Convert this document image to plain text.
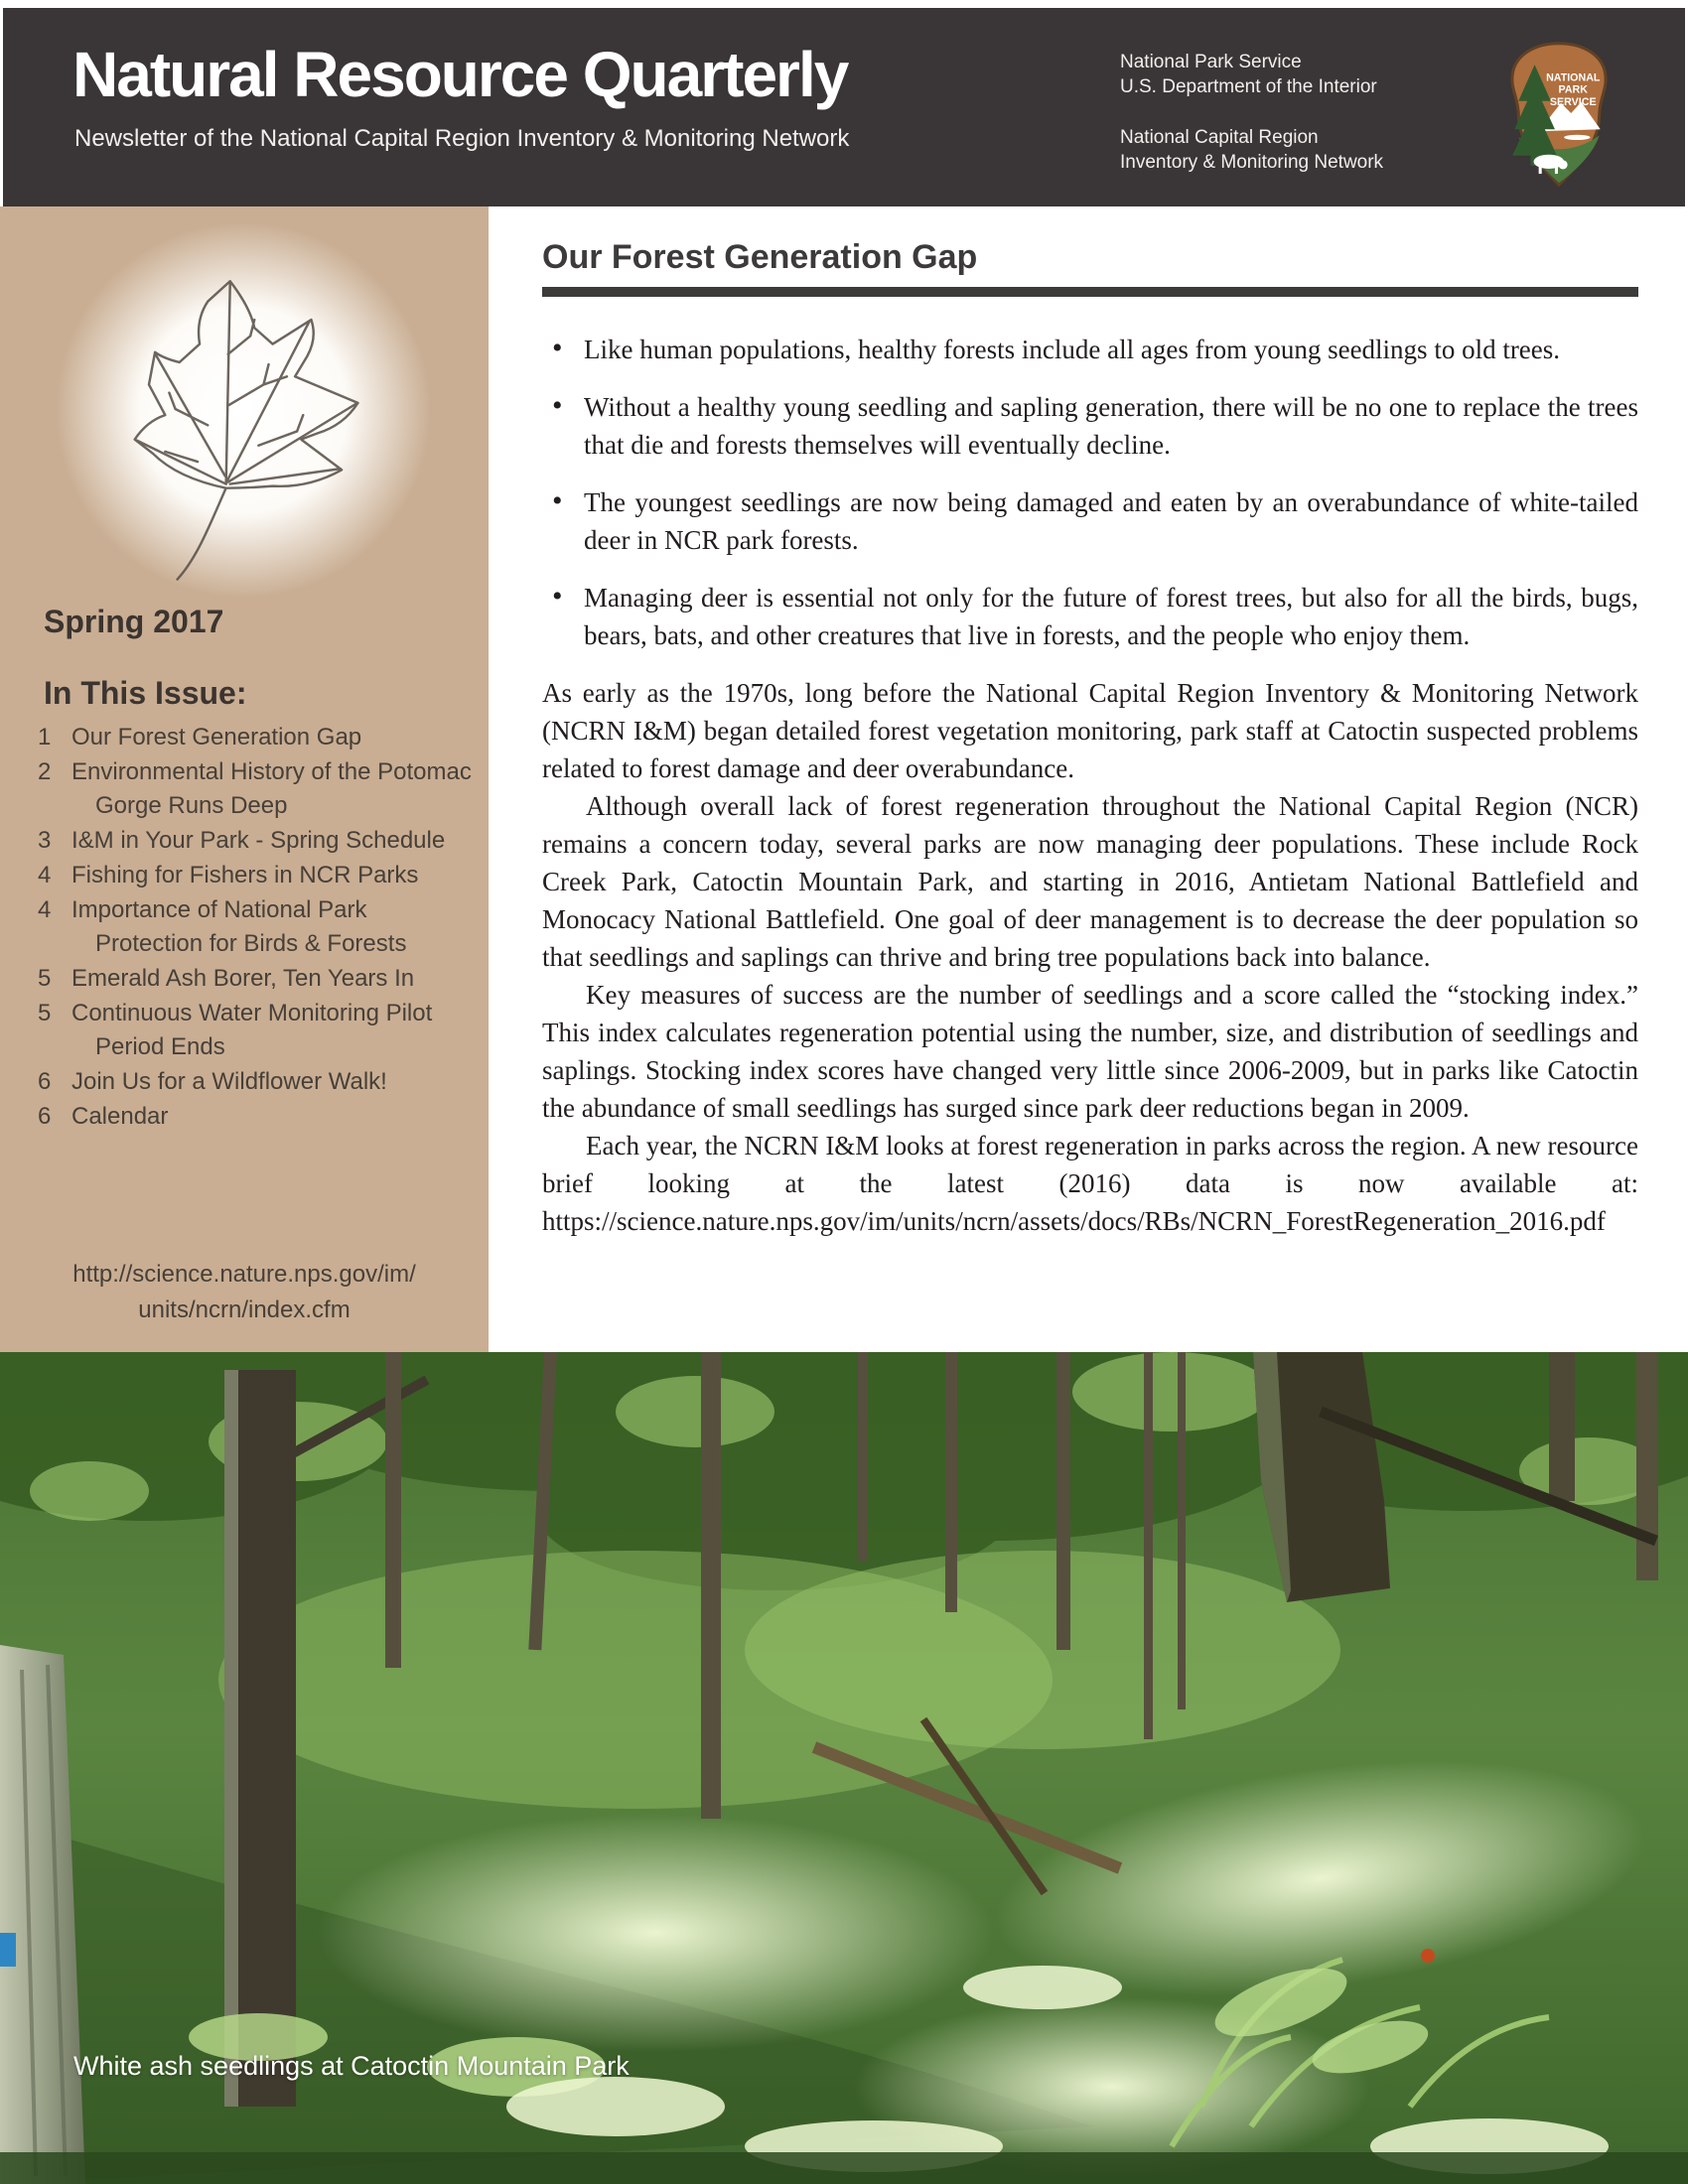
Natural Resource Quarterly
Newsletter of the National Capital Region Inventory & Monitoring Network
National Park Service
U.S. Department of the Interior
National Capital Region
Inventory & Monitoring Network
NATIONAL
PARK
SERVICE
Spring 2017
In This Issue:
1 Our Forest Generation Gap
2 Environmental History of the Potomac Gorge Runs Deep
3 I&M in Your Park - Spring Schedule
4 Fishing for Fishers in NCR Parks
4 Importance of National Park Protection for Birds & Forests
5 Emerald Ash Borer, Ten Years In
5 Continuous Water Monitoring Pilot Period Ends
6 Join Us for a Wildflower Walk!
6 Calendar
http://science.nature.nps.gov/im/
units/ncrn/index.cfm
Our Forest Generation Gap
• Like human populations, healthy forests include all ages from young seedlings to old trees.
• Without a healthy young seedling and sapling generation, there will be no one to replace the trees that die and forests themselves will eventually decline.
• The youngest seedlings are now being damaged and eaten by an overabundance of white-tailed deer in NCR park forests.
• Managing deer is essential not only for the future of forest trees, but also for all the birds, bugs, bears, bats, and other creatures that live in forests, and the people who enjoy them.

As early as the 1970s, long before the National Capital Region Inventory & Monitoring Network (NCRN I&M) began detailed forest vegetation monitoring, park staff at Catoctin suspected problems related to forest damage and deer overabundance.

Although overall lack of forest regeneration throughout the National Capital Region (NCR) remains a concern today, several parks are now managing deer populations. These include Rock Creek Park, Catoctin Mountain Park, and starting in 2016, Antietam National Battlefield and Monocacy National Battlefield. One goal of deer management is to decrease the deer population so that seedlings and saplings can thrive and bring tree populations back into balance.

Key measures of success are the number of seedlings and a score called the “stocking index.” This index calculates regeneration potential using the number, size, and distribution of seedlings and saplings. Stocking index scores have changed very little since 2006-2009, but in parks like Catoctin the abundance of small seedlings has surged since park deer reductions began in 2009.

Each year, the NCRN I&M looks at forest regeneration in parks across the region. A new resource brief looking at the latest (2016) data is now available at: https://science.nature.nps.gov/im/units/ncrn/assets/docs/RBs/NCRN_ForestRegeneration_2016.pdf

White ash seedlings at Catoctin Mountain Park
